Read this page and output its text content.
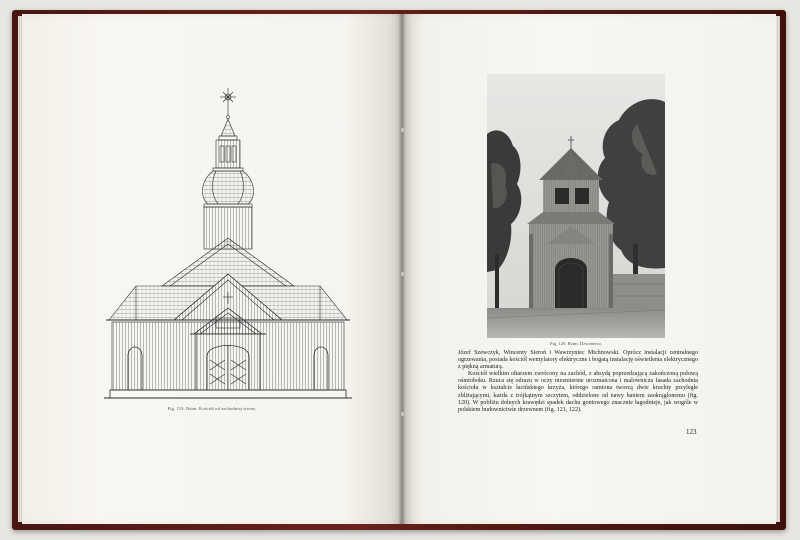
Fig. 119. Rzim. Kościół od zachodniej strony.
Fig. 120. Rzim. Dzwonnica.

Józef Szewczyk, Wincenty Sieroń i Wawrzyniec Michnowski. Oprócz instalacji centralnego ogrzewania, posiada kościół wentylatory elektryczne i bogatą instalację oświetlenia elektrycznego z piękną armaturą.

Kościół wielkim ołtarzem zwrócony na zachód, z absydą poprzedzającą zakończoną połową ośmioboku. Rzuca się odrazu w oczy niezmiernie urozmaicona i malownicza fasada zachodnia kościoła w kształcie łacińskiego krzyża, którego ramiona tworzą dwie kruchty przyległe zbliżającymi, każda z trójkątnym szczytem, oddzielone od nawy baniem zaokrąglonemu (fig. 120). W pobliżu dolnych krawędzi spadek dachu gontowego znacznie łagodnieje, jak wogóle w polskiem budownictwie drzewnem (fig. 121, 122).

123
